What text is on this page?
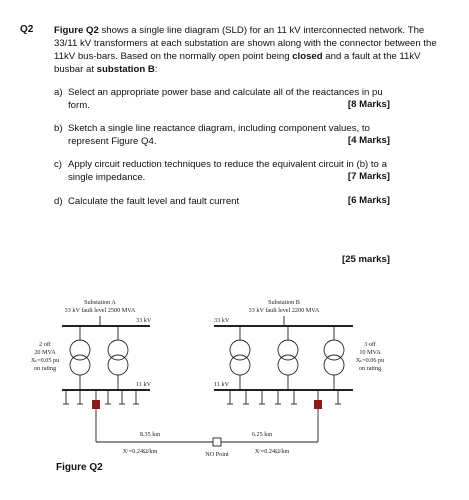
Q2 Figure Q2 shows a single line diagram (SLD) for an 11 kV interconnected network. The 33/11 kV transformers at each substation are shown along with the connector between the 11kV bus-bars. Based on the normally open point being closed and a fault at the 11kV busbar at substation B:
a) Select an appropriate power base and calculate all of the reactances in pu form.	[8 Marks]
b) Sketch a single line reactance diagram, including component values, to represent Figure Q4.	[4 Marks]
c) Apply circuit reduction techniques to reduce the equivalent circuit in (b) to a single impedance.	[7 Marks]
d) Calculate the fault level and fault current	[6 Marks]
[25 marks]
Substation A
33 kV fault level 2500 MVA
Substation B
33 kV fault level 2200 MVA
33 kV	33 kV
11 kV	11 kV
2 off
20 MVA
Xₜ=0.05 pu
on rating
3 off
10 MVA
Xₜ=0.06 pu
on rating
8.35 km	6.25 km
Xᶜ=0.24Ω/km	Xᶜ=0.24Ω/km
NO Point
Figure Q2
